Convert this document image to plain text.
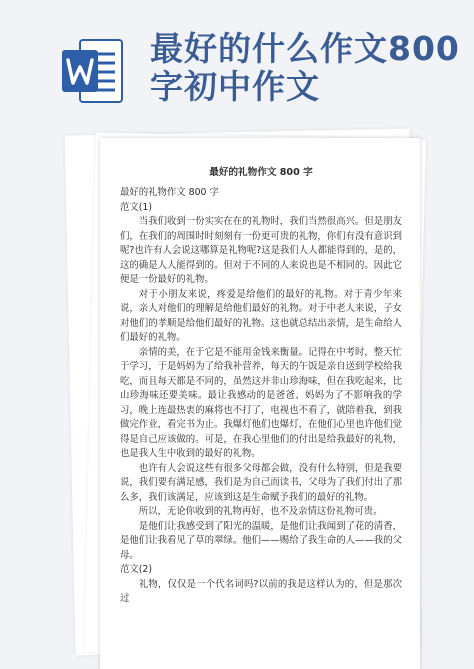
最好的什么作文800字初中作文
最好的礼物作文 800 字
最好的礼物作文 800 字
范文(1)

当我们收到一份实实在在的礼物时，我们当然很高兴。但是朋友们，在我们的周围时时刻刻有一份更可贵的礼物，你们有没有意识到呢?也许有人会说这哪算是礼物呢?这是我们人人都能得到的，是的，这的确是人人能得到的。但对于不同的人来说也是不相同的。因此它便是一份最好的礼物。

对于小朋友来说，疼爱是给他们的最好的礼物。对于青少年来说，亲人对他们的理解是给他们最好的礼物。对于中老人来说，子女对他们的孝顺是给他们最好的礼物。这也就总结出亲情，是生命给人们最好的礼物。

亲情的美，在于它是不能用金钱来衡量。记得在中考时，整天忙于学习，于是妈妈为了给我补营养，每天的午饭是亲自送到学校给我吃，而且每天都是不同的，虽然这并非山珍海味，但在我吃起来，比山珍海味还要美味。最让我感动的是爸爸、妈妈为了不影响我的学习，晚上连最热衷的麻将也不打了，电视也不看了，就陪着我，到我做完作业，看完书为止。我爆灯他们也爆灯，在他们心里也许他们觉得是自己应该做的。可是，在我心里他们的付出是给我最好的礼物，也是我人生中收到的最好的礼物。

也许有人会说这些有很多父母都会做，没有什么特别，但是我要说，我们要有满足感，我们是为自己而读书，父母为了我们付出了那么多，我们该满足，应该到这是生命赋予我们的最好的礼物。

所以，无论你收到的礼物再好，也不及亲情这份礼物可贵。

是他们让我感受到了阳光的温暖，是他们让我闻到了花的清香，是他们让我看见了草的翠绿。他们——赐给了我生命的人——我的父母。

范文(2)

礼物，仅仅是一个代名词吗?以前的我是这样认为的，但是那次过
